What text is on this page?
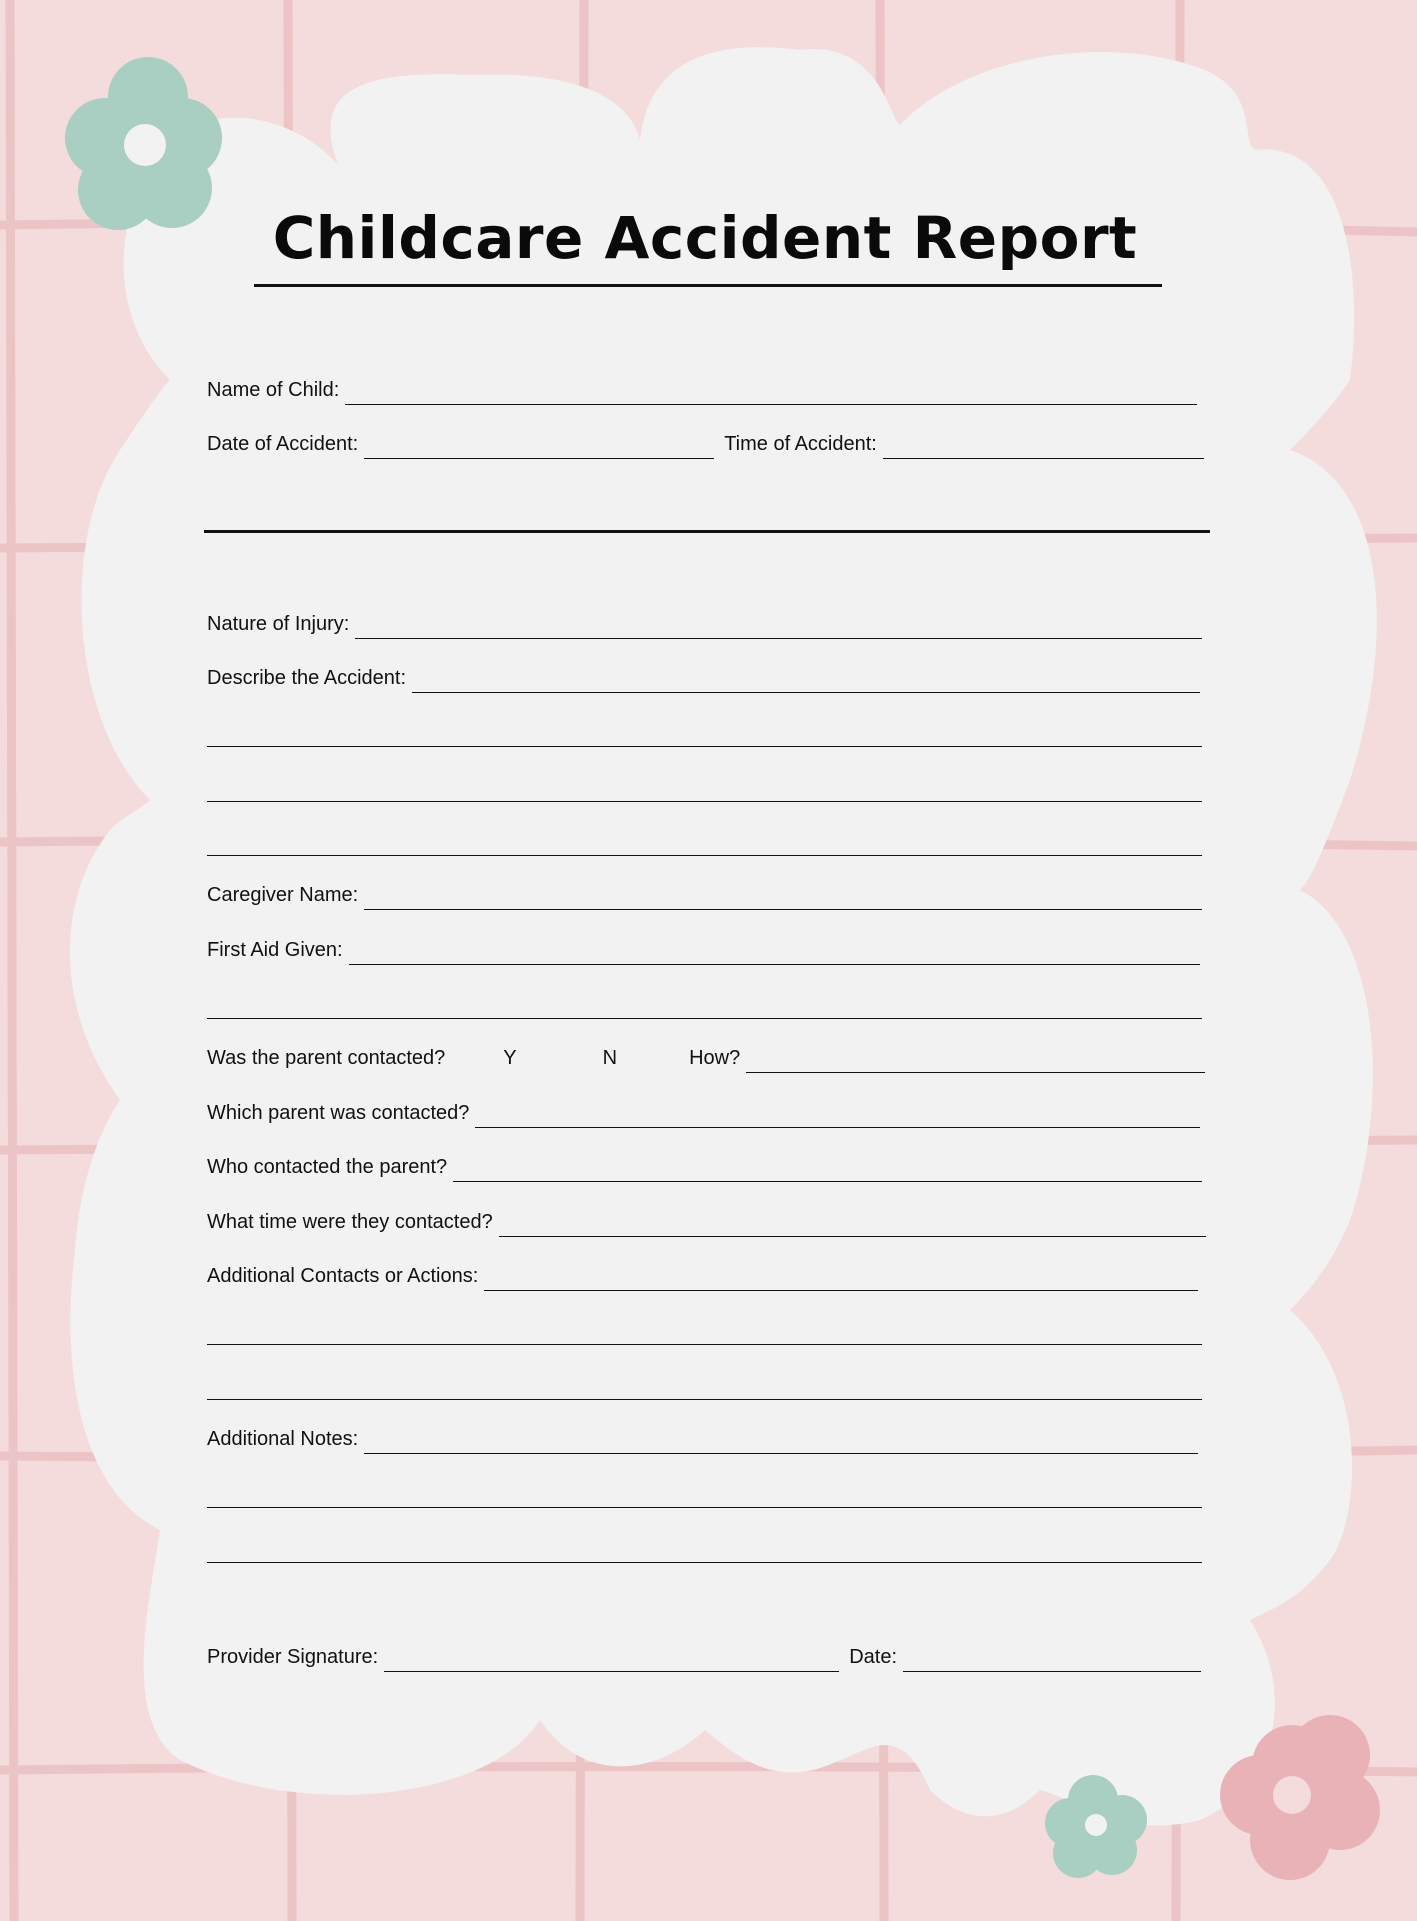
Childcare Accident Report
Name of Child:
Date of Accident:	Time of Accident:
Nature of Injury:
Describe the Accident:
Caregiver Name:
First Aid Given:
Was the parent contacted?	Y	N	How?
Which parent was contacted?
Who contacted the parent?
What time were they contacted?
Additional Contacts or Actions:
Additional Notes:
Provider Signature:	Date:
